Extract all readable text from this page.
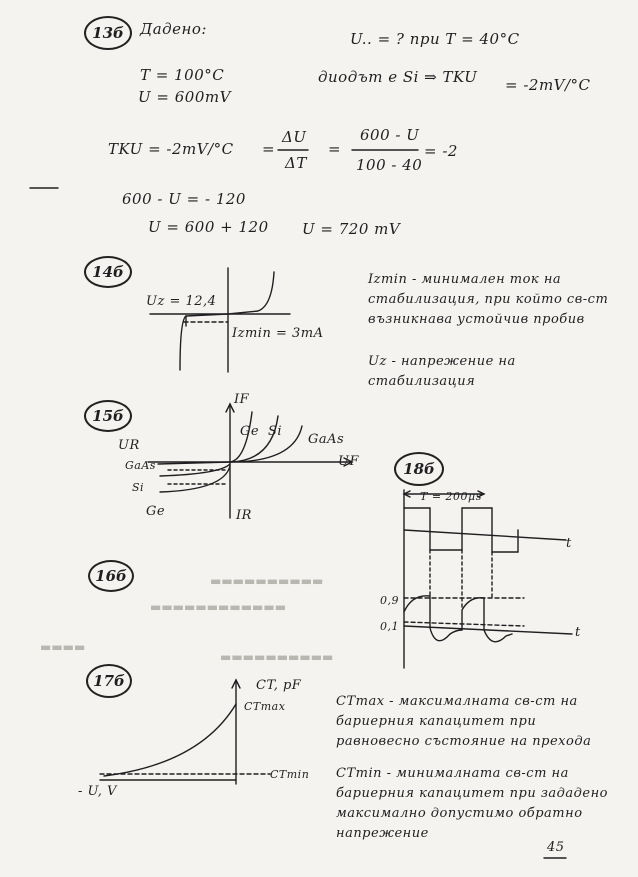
▬▬▬▬▬▬▬▬▬▬
▬▬▬▬▬▬▬▬▬▬▬▬
▬▬▬▬▬▬▬▬▬▬
▬▬▬▬
13б	Дадено:
U.. = ? при T = 40°C
T = 100°C
U = 600mV
диодът е Si ⇒ TKU = -2mV/°C
TKU = -2mV/°C =
ΔU
ΔT
=
600 - U
100 - 40
= -2
600 - U = - 120
U = 600 + 120 U = 720 mV
14б
Uz = 12,4
Izmin = 3mA
Izmin - минимален ток на стабилизация, при който св-ст възникнава устойчив пробив
Uz - напрежение на стабилизация
15б
IF
UF
IR
UR
Ge Si
GaAs
GaAs
Si
Ge
16б
17б	CT, pF
CTmax
CTmin
- U, V
CTmax - максималната св-ст на бариерния капацитет при равновесно състояние на прехода
CTmin - минималната св-ст на бариерния капацитет при зададено максимално допустимо обратно напрежение
18б
T = 200μs
t
t
0,9
0,1
45
